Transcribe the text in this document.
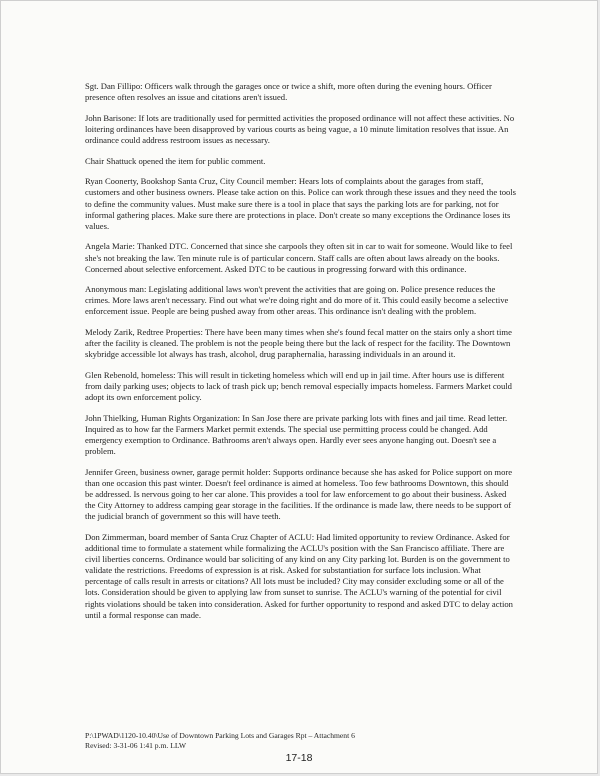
Sgt. Dan Fillipo: Officers walk through the garages once or twice a shift, more often during the evening hours. Officer presence often resolves an issue and citations aren't issued.

John Barisone: If lots are traditionally used for permitted activities the proposed ordinance will not affect these activities. No loitering ordinances have been disapproved by various courts as being vague, a 10 minute limitation resolves that issue. An ordinance could address restroom issues as necessary.

Chair Shattuck opened the item for public comment.

Ryan Coonerty, Bookshop Santa Cruz, City Council member: Hears lots of complaints about the garages from staff, customers and other business owners. Please take action on this. Police can work through these issues and they need the tools to define the community values. Must make sure there is a tool in place that says the parking lots are for parking, not for informal gathering places. Make sure there are protections in place. Don't create so many exceptions the Ordinance loses its values.

Angela Marie: Thanked DTC. Concerned that since she carpools they often sit in car to wait for someone. Would like to feel she's not breaking the law. Ten minute rule is of particular concern. Staff calls are often about laws already on the books. Concerned about selective enforcement. Asked DTC to be cautious in progressing forward with this ordinance.

Anonymous man: Legislating additional laws won't prevent the activities that are going on. Police presence reduces the crimes. More laws aren't necessary. Find out what we're doing right and do more of it. This could easily become a selective enforcement issue. People are being pushed away from other areas. This ordinance isn't dealing with the problem.

Melody Zarik, Redtree Properties: There have been many times when she's found fecal matter on the stairs only a short time after the facility is cleaned. The problem is not the people being there but the lack of respect for the facility. The Downtown skybridge accessible lot always has trash, alcohol, drug paraphernalia, harassing individuals in an around it.

Glen Rebenold, homeless: This will result in ticketing homeless which will end up in jail time. After hours use is different from daily parking uses; objects to lack of trash pick up; bench removal especially impacts homeless. Farmers Market could adopt its own enforcement policy.

John Thielking, Human Rights Organization: In San Jose there are private parking lots with fines and jail time. Read letter. Inquired as to how far the Farmers Market permit extends. The special use permitting process could be changed. Add emergency exemption to Ordinance. Bathrooms aren't always open. Hardly ever sees anyone hanging out. Doesn't see a problem.

Jennifer Green, business owner, garage permit holder: Supports ordinance because she has asked for Police support on more than one occasion this past winter. Doesn't feel ordinance is aimed at homeless. Too few bathrooms Downtown, this should be addressed. Is nervous going to her car alone. This provides a tool for law enforcement to go about their business. Asked the City Attorney to address camping gear storage in the facilities. If the ordinance is made law, there needs to be support of the judicial branch of government so this will have teeth.

Don Zimmerman, board member of Santa Cruz Chapter of ACLU: Had limited opportunity to review Ordinance. Asked for additional time to formulate a statement while formalizing the ACLU's position with the San Francisco affiliate. There are civil liberties concerns. Ordinance would bar soliciting of any kind on any City parking lot. Burden is on the government to validate the restrictions. Freedoms of expression is at risk. Asked for substantiation for surface lots inclusion. What percentage of calls result in arrests or citations? All lots must be included? City may consider excluding some or all of the lots. Consideration should be given to applying law from sunset to sunrise. The ACLU's warning of the potential for civil rights violations should be taken into consideration. Asked for further opportunity to respond and asked DTC to delay action until a formal response can made.

P:\1PWAD\1120-10.40\Use of Downtown Parking Lots and Garages Rpt – Attachment 6
Revised: 3-31-06 1:41 p.m. LLW
17-18
